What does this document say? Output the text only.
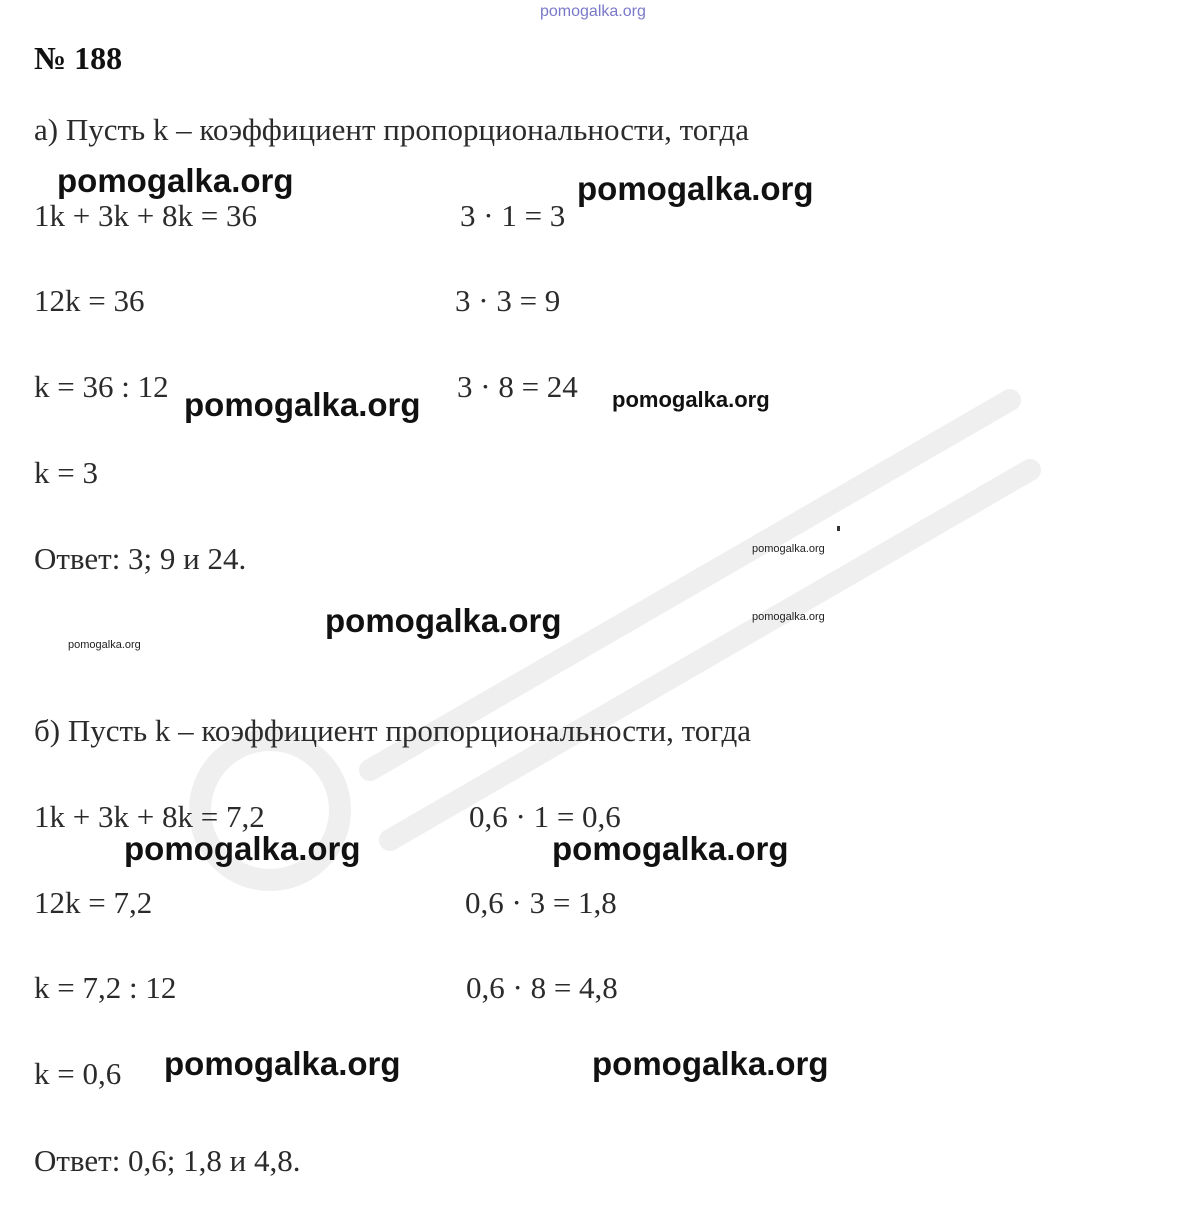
pomogalka.org
№ 188
а) Пусть k – коэффициент пропорциональности, тогда
1k + 3k + 8k = 36
12k = 36
k = 36 : 12
k = 3
3 · 1 = 3
3 · 3 = 9
3 · 8 = 24
Ответ: 3; 9 и 24.
б) Пусть k – коэффициент пропорциональности, тогда
1k + 3k + 8k = 7,2
12k = 7,2
k = 7,2 : 12
k = 0,6
0,6 · 1 = 0,6
0,6 · 3 = 1,8
0,6 · 8 = 4,8
Ответ: 0,6; 1,8 и 4,8.
pomogalka.org	pomogalka.org
pomogalka.org
pomogalka.org
pomogalka.org	pomogalka.org
pomogalka.org	pomogalka.org
pomogalka.org
pomogalka.org
pomogalka.org
pomogalka.org
